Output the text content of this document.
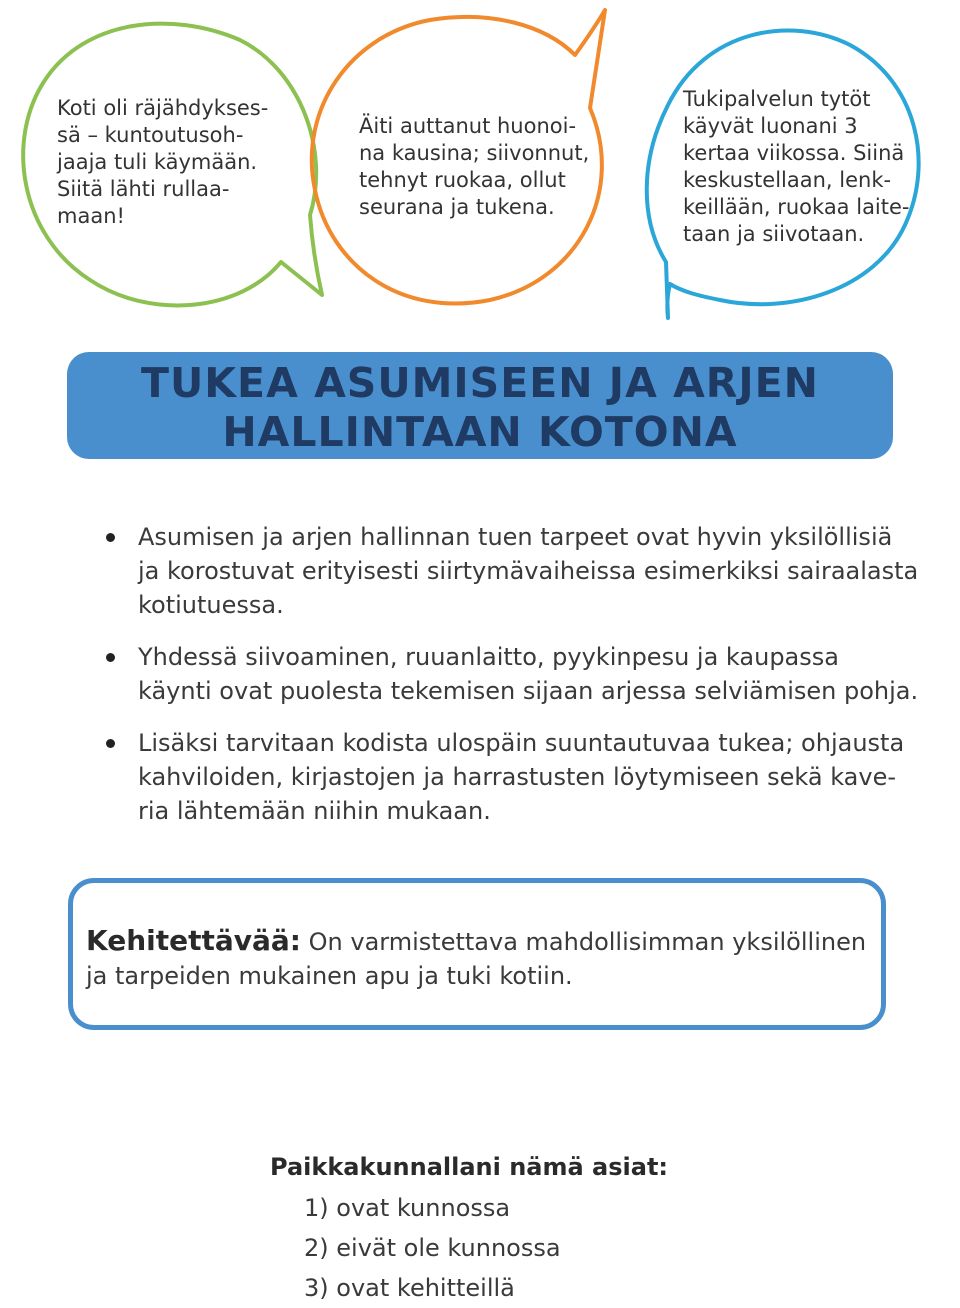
Koti oli räjähdykses-
sä – kuntoutusoh-
jaaja tuli käymään.
Siitä lähti rullaa-
maan!
Äiti auttanut huonoi-
na kausina; siivonnut,
tehnyt ruokaa, ollut
seurana ja tukena.
Tukipalvelun tytöt
käyvät luonani 3
kertaa viikossa. Siinä
keskustellaan, lenk-
keillään, ruokaa laite-
taan ja siivotaan.
TUKEA ASUMISEEN JA ARJEN
HALLINTAAN KOTONA
Asumisen ja arjen hallinnan tuen tarpeet ovat hyvin yksilöllisiä
ja korostuvat erityisesti siirtymävaiheissa esimerkiksi sairaalasta
kotiutuessa.
Yhdessä siivoaminen, ruuanlaitto, pyykinpesu ja kaupassa
käynti ovat puolesta tekemisen sijaan arjessa selviämisen pohja.
Lisäksi tarvitaan kodista ulospäin suuntautuvaa tukea; ohjausta
kahviloiden, kirjastojen ja harrastusten löytymiseen sekä kave-
ria lähtemään niihin mukaan.
Kehitettävää: On varmistettava mahdollisimman yksilöllinen
ja tarpeiden mukainen apu ja tuki kotiin.
Paikkakunnallani nämä asiat:
1) ovat kunnossa
2) eivät ole kunnossa
3) ovat kehitteillä
